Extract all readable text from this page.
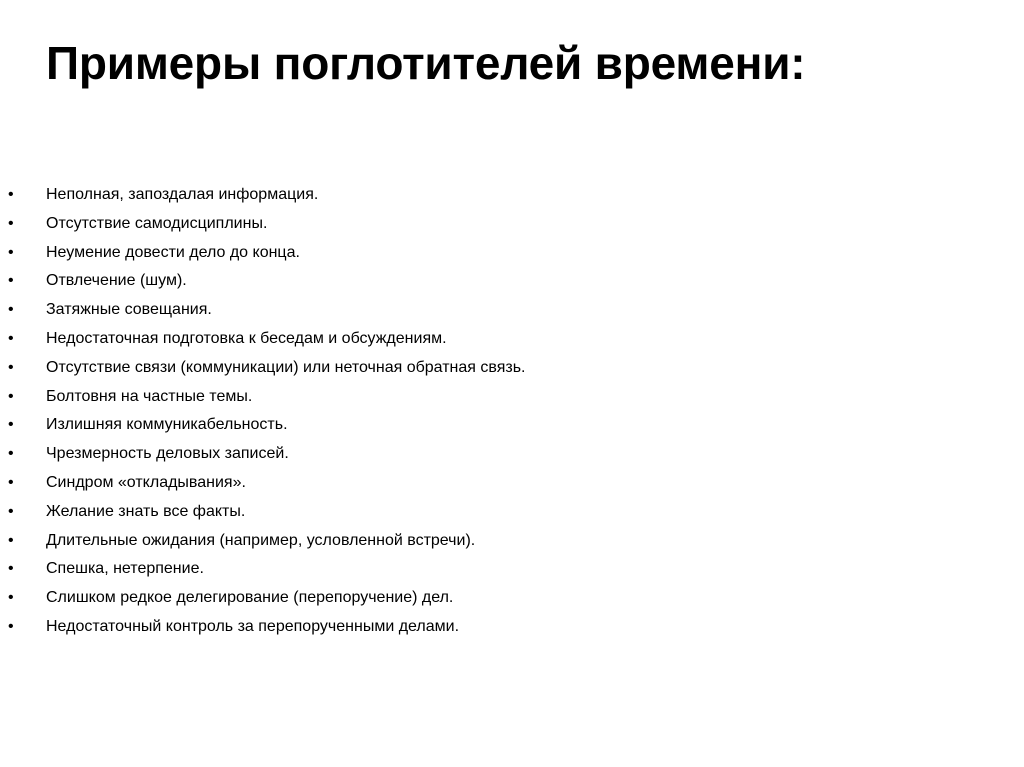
Примеры поглотителей времени:
• Неполная, запоздалая информация.
• Отсутствие самодисциплины.
• Неумение довести дело до конца.
• Отвлечение (шум).
• Затяжные совещания.
• Недостаточная подготовка к беседам и обсуждениям.
• Отсутствие связи (коммуникации) или неточная обратная связь.
• Болтовня на частные темы.
• Излишняя коммуникабельность.
• Чрезмерность деловых записей.
• Синдром «откладывания».
• Желание знать все факты.
• Длительные ожидания (например, условленной встречи).
• Спешка, нетерпение.
• Слишком редкое делегирование (перепоручение) дел.
• Недостаточный контроль за перепорученными делами.
